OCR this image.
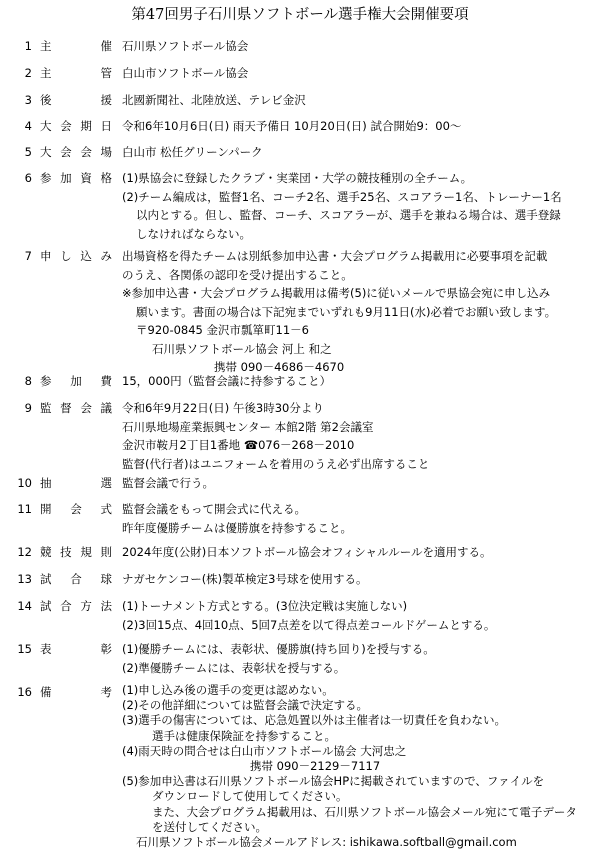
第47回男子石川県ソフトボール選手権大会開催要項
1 主催 石川県ソフトボール協会
2 主管 白山市ソフトボール協会
3 後援 北國新聞社、北陸放送、テレビ金沢
4 大会期日 令和6年10月6日(日) 雨天予備日 10月20日(日) 試合開始9：00～
5 大会会場 白山市 松任グリーンパーク
6 参加資格 (1)県協会に登録したクラブ・実業団・大学の競技種別の全チーム。
(2)チーム編成は，監督1名、コーチ2名、選手25名、スコアラー1名、トレーナー1名
以内とする。但し、監督、コーチ、スコアラーが、選手を兼ねる場合は、選手登録
しなければならない。
7 申し込み 出場資格を得たチームは別紙参加申込書・大会プログラム掲載用に必要事項を記載
のうえ、各関係の認印を受け提出すること。
※参加申込書・大会プログラム掲載用は備考(5)に従いメールで県協会宛に申し込み
願います。書面の場合は下記宛までいずれも9月11日(水)必着でお願い致します。
〒920-0845 金沢市瓢箪町11－6
石川県ソフトボール協会 河上 和之
携帯 090－4686－4670
8 参加費 15，000円（監督会議に持参すること）
9 監督会議 令和6年9月22日(日) 午後3時30分より
石川県地場産業振興センター 本館2階 第2会議室
金沢市鞍月2丁目1番地 ☎076－268－2010
監督(代行者)はユニフォームを着用のうえ必ず出席すること
10 抽選 監督会議で行う。
11 開会式 監督会議をもって開会式に代える。
昨年度優勝チームは優勝旗を持参すること。
12 競技規則 2024年度(公財)日本ソフトボール協会オフィシャルルールを適用する。
13 試合球 ナガセケンコー(株)製革検定3号球を使用する。
14 試合方法 (1)トーナメント方式とする。(3位決定戦は実施しない)
(2)3回15点、4回10点、5回7点差を以て得点差コールドゲームとする。
15 表彰 (1)優勝チームには、表彰状、優勝旗(持ち回り)を授与する。
(2)準優勝チームには、表彰状を授与する。
16 備考 (1)申し込み後の選手の変更は認めない。
(2)その他詳細については監督会議で決定する。
(3)選手の傷害については、応急処置以外は主催者は一切責任を負わない。
選手は健康保険証を持参すること。
(4)雨天時の問合せは白山市ソフトボール協会 大河忠之
携帯 090－2129－7117
(5)参加申込書は石川県ソフトボール協会HPに掲載されていますので、ファイルを
ダウンロードして使用してください。
また、大会プログラム掲載用は、石川県ソフトボール協会メール宛にて電子データ
を送付してください。
石川県ソフトボール協会メールアドレス: ishikawa.softball@gmail.com
